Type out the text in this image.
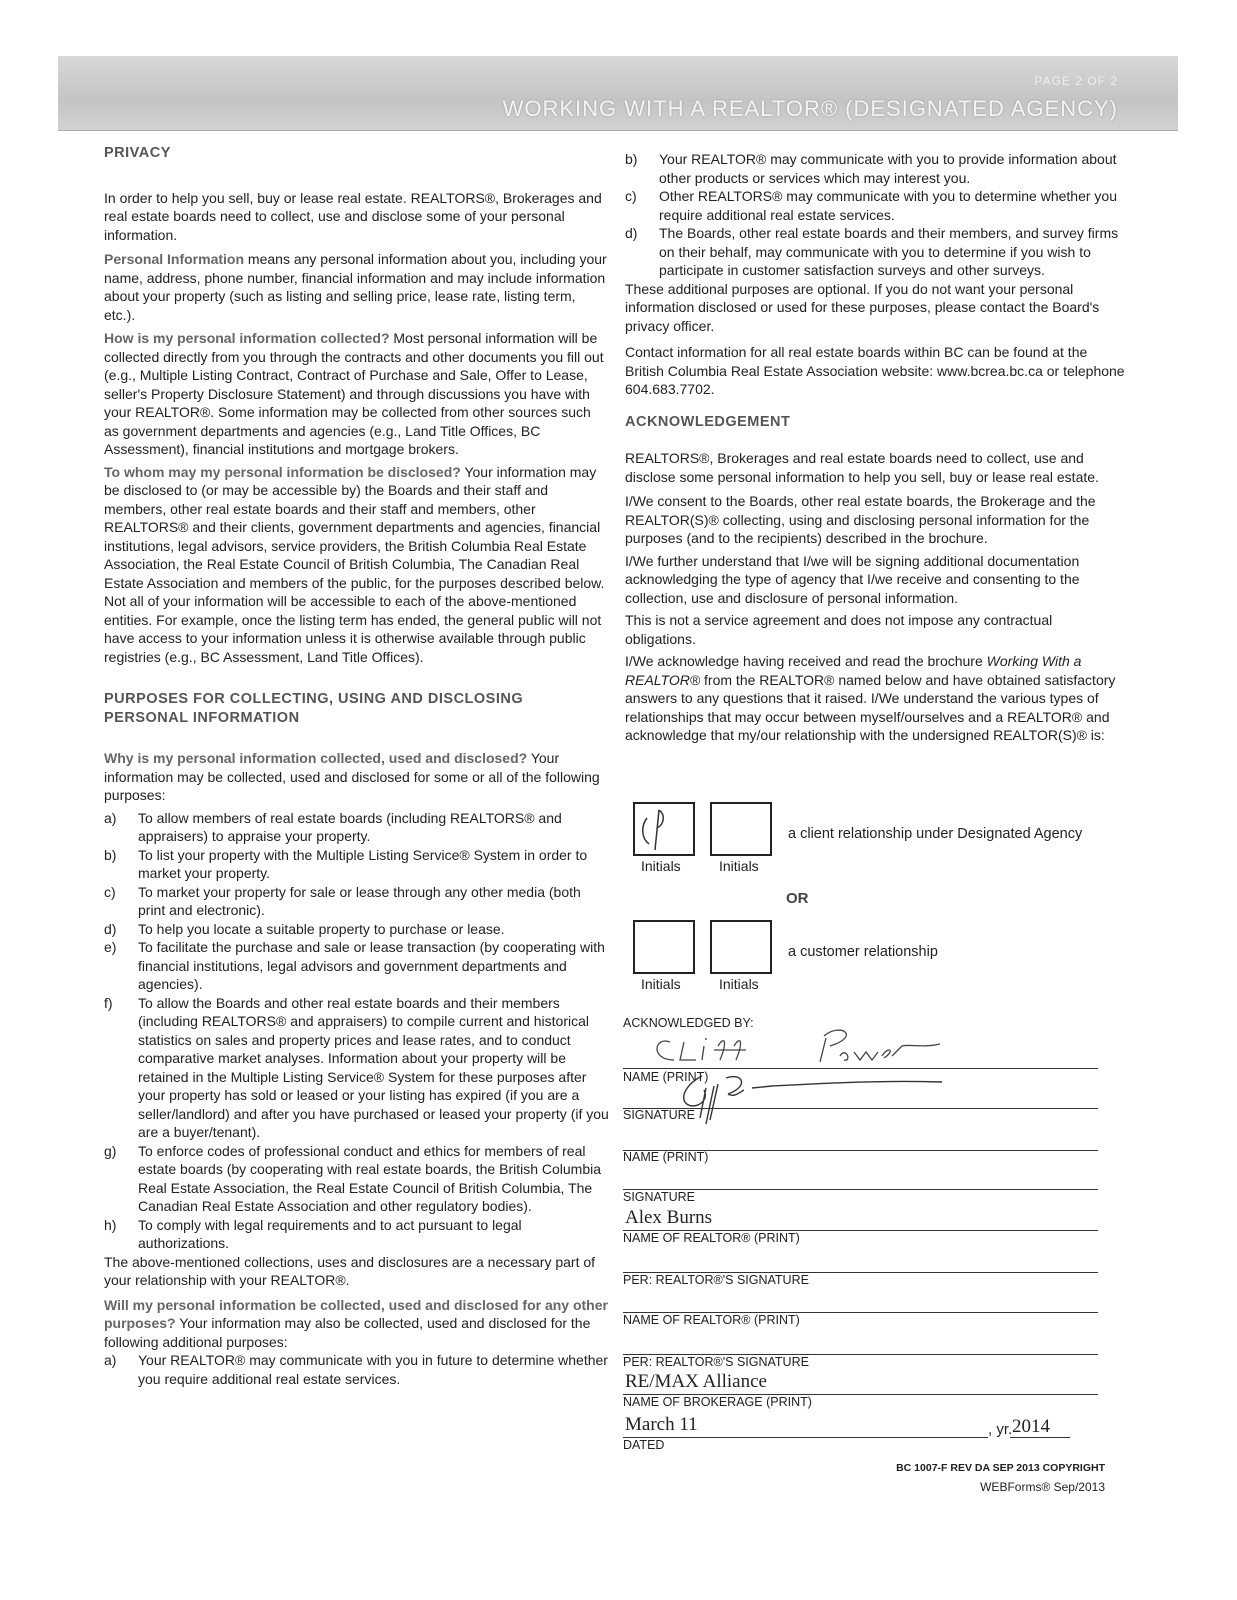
PAGE 2 OF 2
WORKING WITH A REALTOR® (DESIGNATED AGENCY)
PRIVACY

In order to help you sell, buy or lease real estate. REALTORS®, Brokerages and real estate boards need to collect, use and disclose some of your personal information.

Personal Information means any personal information about you, including your name, address, phone number, financial information and may include information about your property (such as listing and selling price, lease rate, listing term, etc.).

How is my personal information collected? Most personal information will be collected directly from you through the contracts and other documents you fill out (e.g., Multiple Listing Contract, Contract of Purchase and Sale, Offer to Lease, seller's Property Disclosure Statement) and through discussions you have with your REALTOR®. Some information may be collected from other sources such as government departments and agencies (e.g., Land Title Offices, BC Assessment), financial institutions and mortgage brokers.

To whom may my personal information be disclosed? Your information may be disclosed to (or may be accessible by) the Boards and their staff and members, other real estate boards and their staff and members, other REALTORS® and their clients, government departments and agencies, financial institutions, legal advisors, service providers, the British Columbia Real Estate Association, the Real Estate Council of British Columbia, The Canadian Real Estate Association and members of the public, for the purposes described below. Not all of your information will be accessible to each of the above-mentioned entities. For example, once the listing term has ended, the general public will not have access to your information unless it is otherwise available through public registries (e.g., BC Assessment, Land Title Offices).

PURPOSES FOR COLLECTING, USING AND DISCLOSING PERSONAL INFORMATION

Why is my personal information collected, used and disclosed? Your information may be collected, used and disclosed for some or all of the following purposes:

a) To allow members of real estate boards (including REALTORS® and appraisers) to appraise your property.
b) To list your property with the Multiple Listing Service® System in order to market your property.
c) To market your property for sale or lease through any other media (both print and electronic).
d) To help you locate a suitable property to purchase or lease.
e) To facilitate the purchase and sale or lease transaction (by cooperating with financial institutions, legal advisors and government departments and agencies).
f) To allow the Boards and other real estate boards and their members (including REALTORS® and appraisers) to compile current and historical statistics on sales and property prices and lease rates, and to conduct comparative market analyses. Information about your property will be retained in the Multiple Listing Service® System for these purposes after your property has sold or leased or your listing has expired (if you are a seller/landlord) and after you have purchased or leased your property (if you are a buyer/tenant).
g) To enforce codes of professional conduct and ethics for members of real estate boards (by cooperating with real estate boards, the British Columbia Real Estate Association, the Real Estate Council of British Columbia, The Canadian Real Estate Association and other regulatory bodies).
h) To comply with legal requirements and to act pursuant to legal authorizations.

The above-mentioned collections, uses and disclosures are a necessary part of your relationship with your REALTOR®.

Will my personal information be collected, used and disclosed for any other purposes? Your information may also be collected, used and disclosed for the following additional purposes:

a) Your REALTOR® may communicate with you in future to determine whether you require additional real estate services.
b) Your REALTOR® may communicate with you to provide information about other products or services which may interest you.
c) Other REALTORS® may communicate with you to determine whether you require additional real estate services.
d) The Boards, other real estate boards and their members, and survey firms on their behalf, may communicate with you to determine if you wish to participate in customer satisfaction surveys and other surveys.

These additional purposes are optional. If you do not want your personal information disclosed or used for these purposes, please contact the Board's privacy officer.

Contact information for all real estate boards within BC can be found at the British Columbia Real Estate Association website: www.bcrea.bc.ca or telephone 604.683.7702.

ACKNOWLEDGEMENT

REALTORS®, Brokerages and real estate boards need to collect, use and disclose some personal information to help you sell, buy or lease real estate.

I/We consent to the Boards, other real estate boards, the Brokerage and the REALTOR(S)® collecting, using and disclosing personal information for the purposes (and to the recipients) described in the brochure.

I/We further understand that I/we will be signing additional documentation acknowledging the type of agency that I/we receive and consenting to the collection, use and disclosure of personal information.

This is not a service agreement and does not impose any contractual obligations.

I/We acknowledge having received and read the brochure Working With a REALTOR® from the REALTOR® named below and have obtained satisfactory answers to any questions that it raised. I/We understand the various types of relationships that may occur between myself/ourselves and a REALTOR® and acknowledge that my/our relationship with the undersigned REALTOR(S)® is:

Initials	Initials
a client relationship under Designated Agency
OR
Initials	Initials
a customer relationship
ACKNOWLEDGED BY:
NAME (PRINT)
SIGNATURE
NAME (PRINT)
SIGNATURE
Alex Burns
NAME OF REALTOR® (PRINT)
PER: REALTOR®'S SIGNATURE
NAME OF REALTOR® (PRINT)
PER: REALTOR®'S SIGNATURE
RE/MAX Alliance
NAME OF BROKERAGE (PRINT)
March 11	, yr. 2014
DATED
BC 1007-F REV DA SEP 2013 COPYRIGHT
WEBForms® Sep/2013
